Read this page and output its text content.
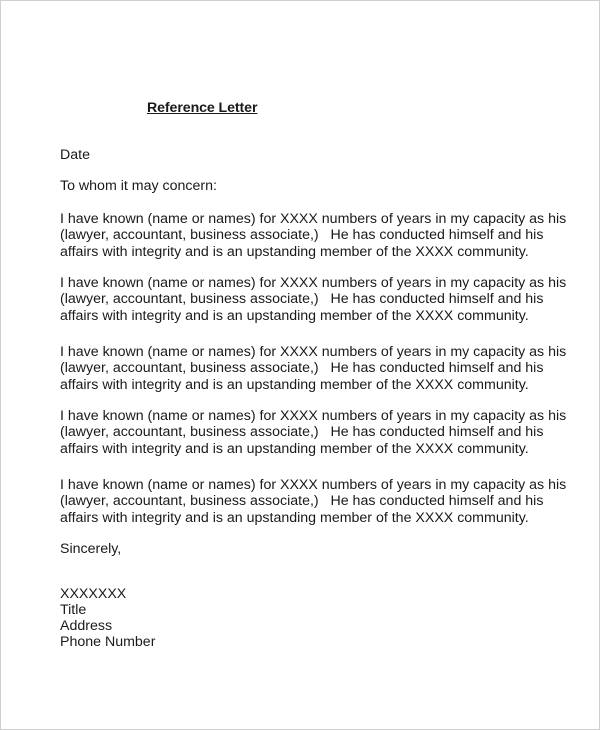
Reference Letter
Date
To whom it may concern:
I have known (name or names) for XXXX numbers of years in my capacity as his
(lawyer, accountant, business associate,)   He has conducted himself and his
affairs with integrity and is an upstanding member of the XXXX community.
I have known (name or names) for XXXX numbers of years in my capacity as his
(lawyer, accountant, business associate,)   He has conducted himself and his
affairs with integrity and is an upstanding member of the XXXX community.
I have known (name or names) for XXXX numbers of years in my capacity as his
(lawyer, accountant, business associate,)   He has conducted himself and his
affairs with integrity and is an upstanding member of the XXXX community.
I have known (name or names) for XXXX numbers of years in my capacity as his
(lawyer, accountant, business associate,)   He has conducted himself and his
affairs with integrity and is an upstanding member of the XXXX community.
I have known (name or names) for XXXX numbers of years in my capacity as his
(lawyer, accountant, business associate,)   He has conducted himself and his
affairs with integrity and is an upstanding member of the XXXX community.
Sincerely,
XXXXXXX
Title
Address
Phone Number
